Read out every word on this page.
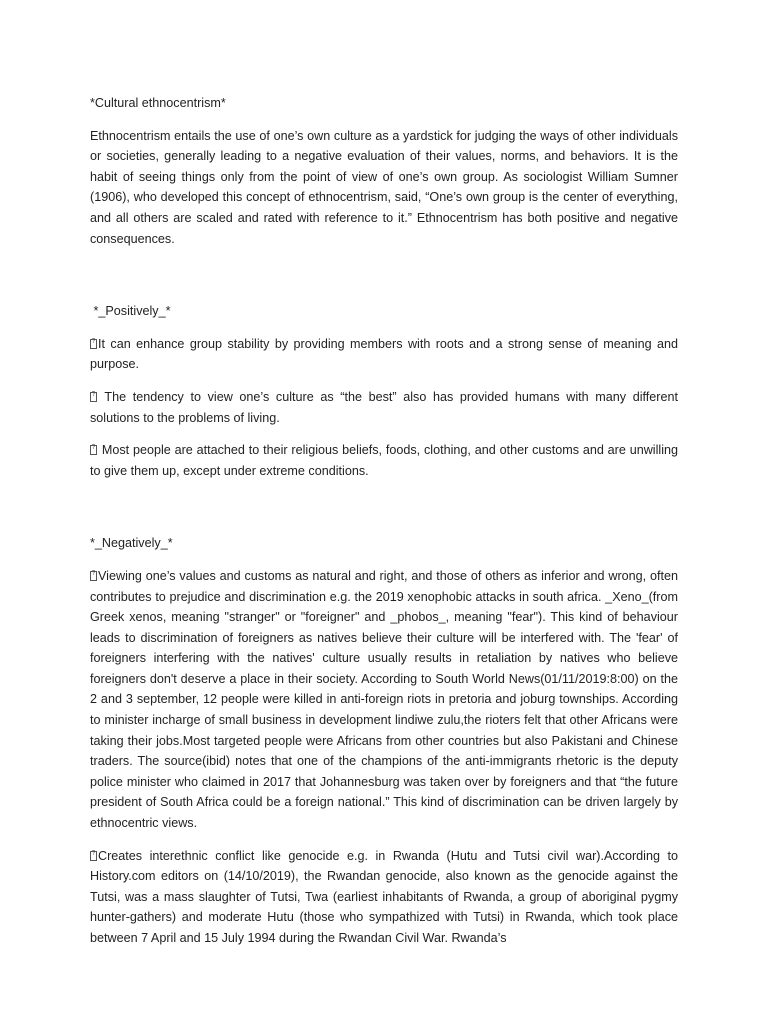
*Cultural ethnocentrism*

Ethnocentrism entails the use of one’s own culture as a yardstick for judging the ways of other individuals or societies, generally leading to a negative evaluation of their values, norms, and behaviors. It is the habit of seeing things only from the point of view of one’s own group. As sociologist William Sumner (1906), who developed this concept of ethnocentrism, said, “One’s own group is the center of everything, and all others are scaled and rated with reference to it.” Ethnocentrism has both positive and negative consequences.

*_Positively_*

?It can enhance group stability by providing members with roots and a strong sense of meaning and purpose.

? The tendency to view one’s culture as “the best” also has provided humans with many different solutions to the problems of living.

? Most people are attached to their religious beliefs, foods, clothing, and other customs and are unwilling to give them up, except under extreme conditions.

*_Negatively_*

?Viewing one’s values and customs as natural and right, and those of others as inferior and wrong, often contributes to prejudice and discrimination e.g. the 2019 xenophobic attacks in south africa. _Xeno_(from Greek xenos, meaning "stranger" or "foreigner" and _phobos_, meaning "fear"). This kind of behaviour leads to discrimination of foreigners as natives believe their culture will be interfered with. The 'fear' of foreigners interfering with the natives' culture usually results in retaliation by natives who believe foreigners don't deserve a place in their society. According to South World News(01/11/2019:8:00) on the 2 and 3 september, 12 people were killed in anti-foreign riots in pretoria and joburg townships. According to minister incharge of small business in development lindiwe zulu,the rioters felt that other Africans were taking their jobs.Most targeted people were Africans from other countries but also Pakistani and Chinese traders. The source(ibid) notes that one of the champions of the anti-immigrants rhetoric is the deputy police minister who claimed in 2017 that Johannesburg was taken over by foreigners and that “the future president of South Africa could be a foreign national.” This kind of discrimination can be driven largely by ethnocentric views.

?Creates interethnic conflict like genocide e.g. in Rwanda (Hutu and Tutsi civil war).According to History.com editors on (14/10/2019), the Rwandan genocide, also known as the genocide against the Tutsi, was a mass slaughter of Tutsi, Twa (earliest inhabitants of Rwanda, a group of aboriginal pygmy hunter-gathers) and moderate Hutu (those who sympathized with Tutsi) in Rwanda, which took place between 7 April and 15 July 1994 during the Rwandan Civil War. Rwanda’s
